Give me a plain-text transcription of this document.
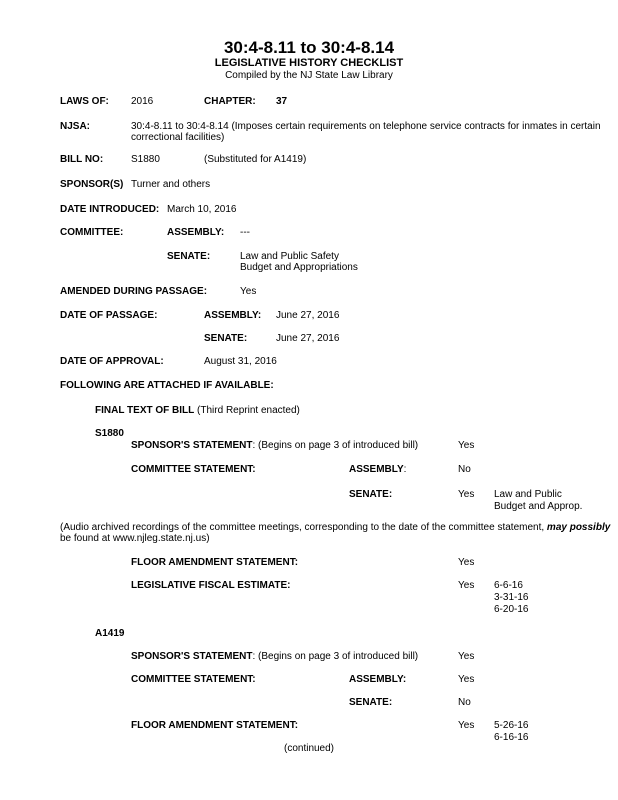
30:4-8.11 to 30:4-8.14
LEGISLATIVE HISTORY CHECKLIST
Compiled by the NJ State Law Library
LAWS OF: 2016	CHAPTER: 37
NJSA:	30:4-8.11 to 30:4-8.14 (Imposes certain requirements on telephone service contracts for inmates in certain
correctional facilities)
BILL NO:	S1880	(Substituted for A1419)
SPONSOR(S) Turner and others
DATE INTRODUCED: March 10, 2016
COMMITTEE:	ASSEMBLY: ---
SENATE:	Law and Public Safety
Budget and Appropriations
AMENDED DURING PASSAGE:	Yes
DATE OF PASSAGE:	ASSEMBLY: June 27, 2016
SENATE:	June 27, 2016
DATE OF APPROVAL:	August 31, 2016
FOLLOWING ARE ATTACHED IF AVAILABLE:
FINAL TEXT OF BILL (Third Reprint enacted)
S1880
SPONSOR'S STATEMENT: (Begins on page 3 of introduced bill)	Yes
COMMITTEE STATEMENT:	ASSEMBLY:	No
SENATE:	Yes Law and Public
Budget and Approp.
(Audio archived recordings of the committee meetings, corresponding to the date of the committee statement, may possibly
be found at www.njleg.state.nj.us)
FLOOR AMENDMENT STATEMENT:	Yes
LEGISLATIVE FISCAL ESTIMATE:	Yes 6-6-16
3-31-16
6-20-16
A1419
SPONSOR'S STATEMENT: (Begins on page 3 of introduced bill)	Yes
COMMITTEE STATEMENT:	ASSEMBLY:	Yes
SENATE:	No
FLOOR AMENDMENT STATEMENT:	Yes 5-26-16
6-16-16
(continued)
